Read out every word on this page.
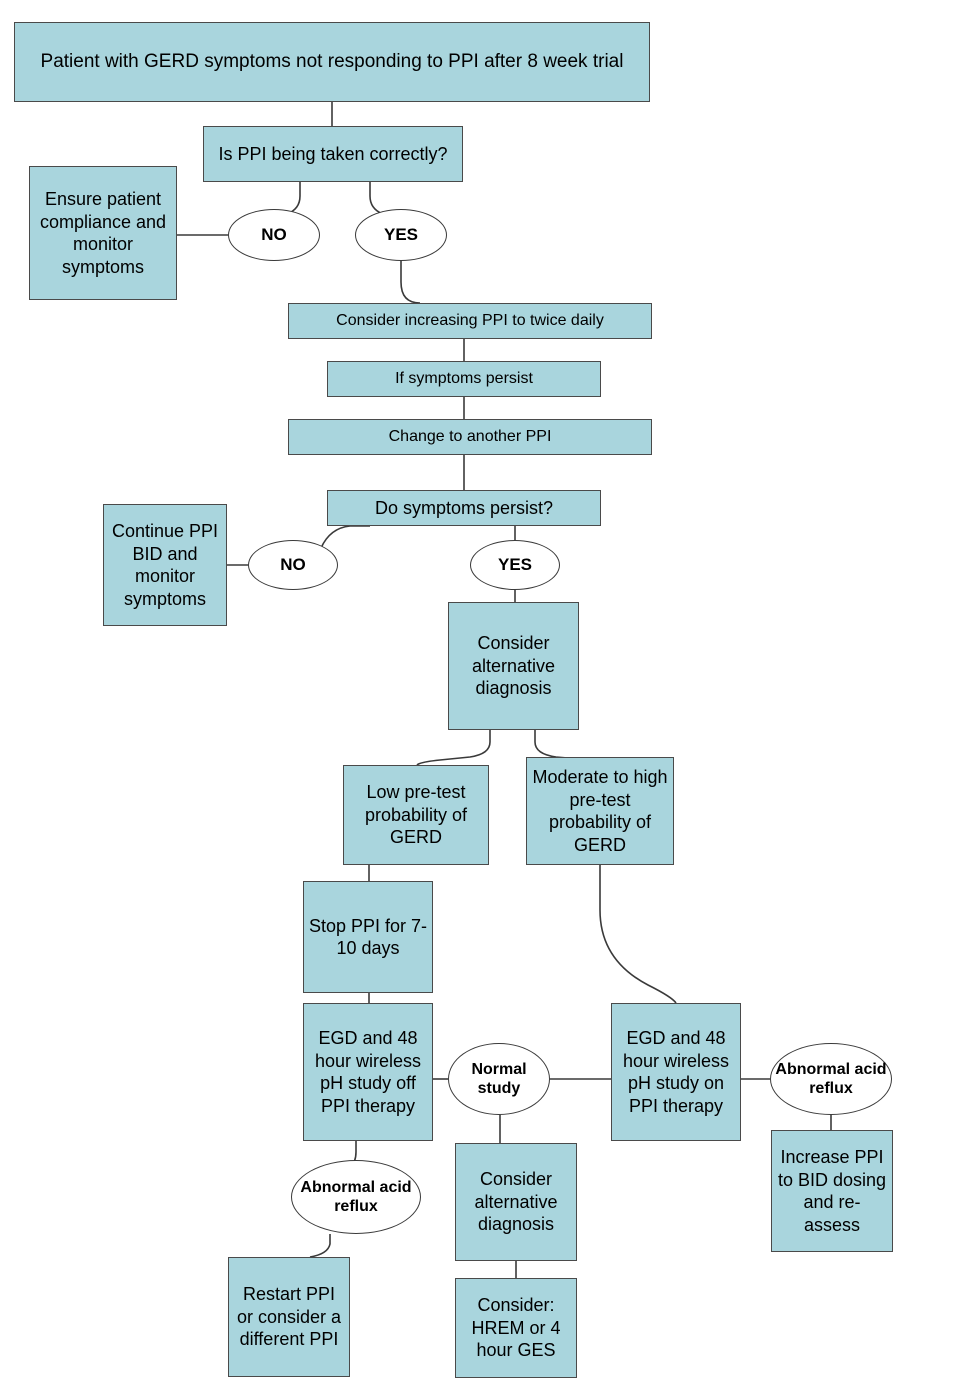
Patient with GERD symptoms not responding to PPI after 8 week trial
Is PPI being taken correctly?
Ensure patient compliance and monitor symptoms
Consider increasing PPI to twice daily
If symptoms persist
Change to another PPI
Do symptoms persist?
Continue PPI BID and monitor symptoms
Consider alternative diagnosis
Low pre-test probability of GERD
Moderate to high pre-test probability of GERD
Stop PPI for 7-10 days
EGD and 48 hour wireless pH study off PPI therapy
EGD and 48 hour wireless pH study on PPI therapy
Increase PPI to BID dosing and re-assess
Consider alternative diagnosis
Restart PPI or consider a different PPI
Consider: HREM or 4 hour GES
NO	YES
NO	YES
Normal study
Abnormal acid reflux
Abnormal acid reflux
